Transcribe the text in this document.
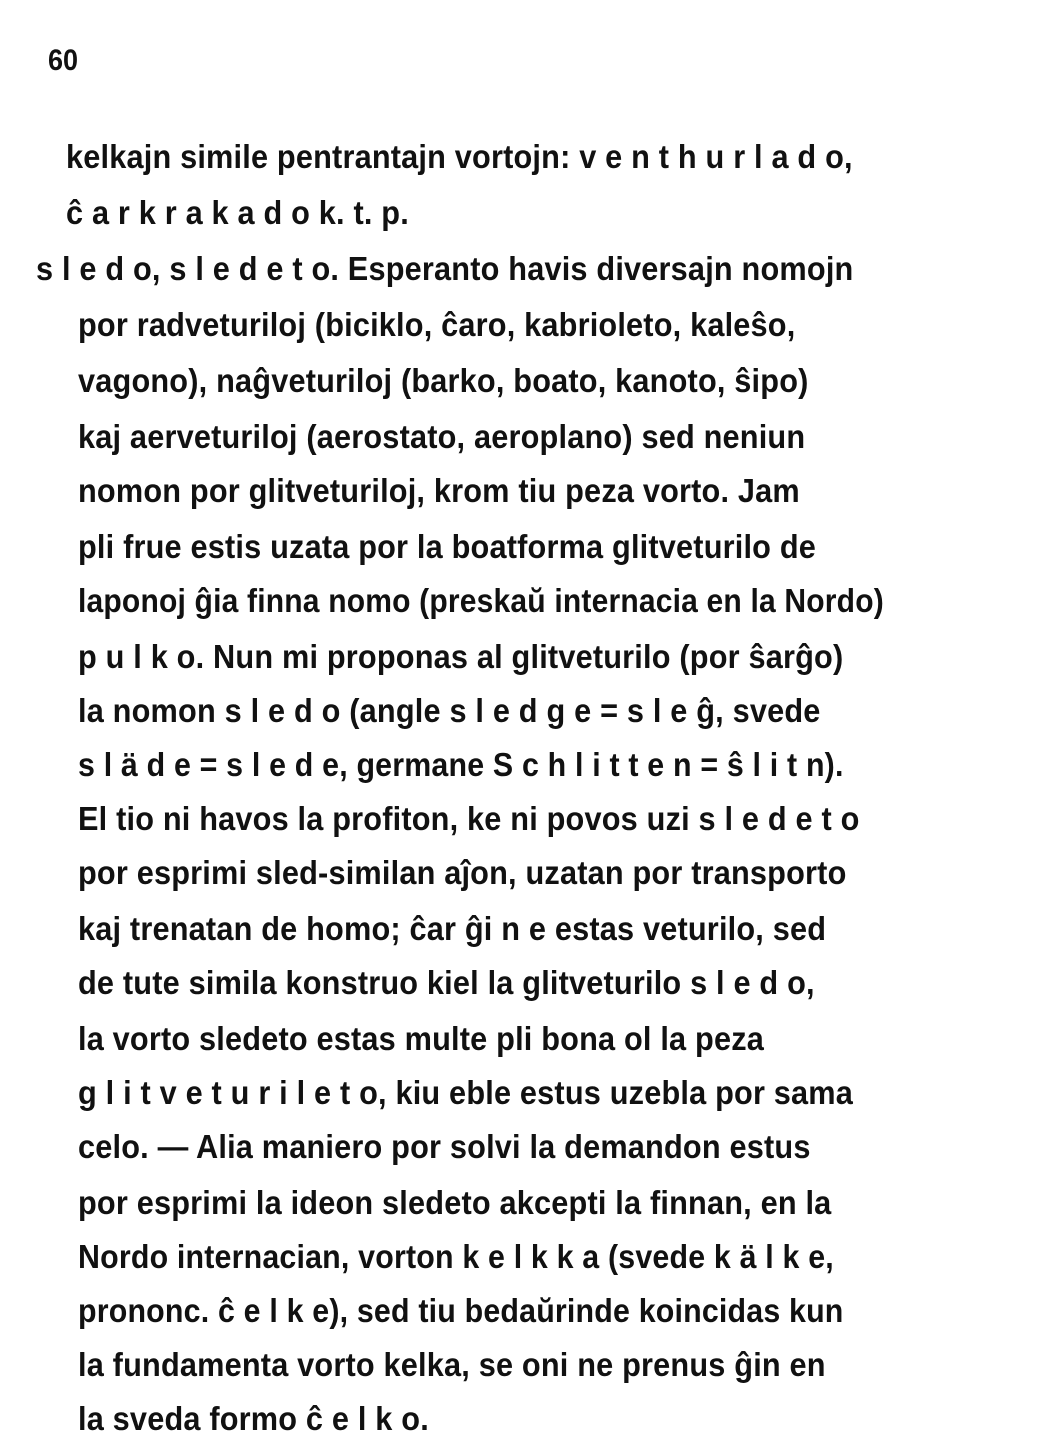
60
kelkajn simile pentrantajn vortojn: v e n t h u r l a d o,
ĉ a r k r a k a d o k. t. p.
s l e d o, s l e d e t o. Esperanto havis diversajn nomojn
por radveturiloj (biciklo, ĉaro, kabrioleto, kaleŝo,
vagono), naĝveturiloj (barko, boato, kanoto, ŝipo)
kaj aerveturiloj (aerostato, aeroplano) sed neniun
nomon por glitveturiloj, krom tiu peza vorto. Jam
pli frue estis uzata por la boatforma glitveturilo de
laponoj ĝia finna nomo (preskaŭ internacia en la Nordo)
p u l k o. Nun mi proponas al glitveturilo (por ŝarĝo)
la nomon s l e d o (angle s l e d g e = s l e ĝ, svede
s l ä d e = s l e d e, germane S c h l i t t e n = ŝ l i t n).
El tio ni havos la profiton, ke ni povos uzi s l e d e t o
por esprimi sled-similan aĵon, uzatan por transporto
kaj trenatan de homo; ĉar ĝi n e estas veturilo, sed
de tute simila konstruo kiel la glitveturilo s l e d o,
la vorto sledeto estas multe pli bona ol la peza
g l i t v e t u r i l e t o, kiu eble estus uzebla por sama
celo. — Alia maniero por solvi la demandon estus
por esprimi la ideon sledeto akcepti la finnan, en la
Nordo internacian, vorton k e l k k a (svede k ä l k e,
prononc. ĉ e l k e), sed tiu bedaŭrinde koincidas kun
la fundamenta vorto kelka, se oni ne prenus ĝin en
la sveda formo ĉ e l k o.
